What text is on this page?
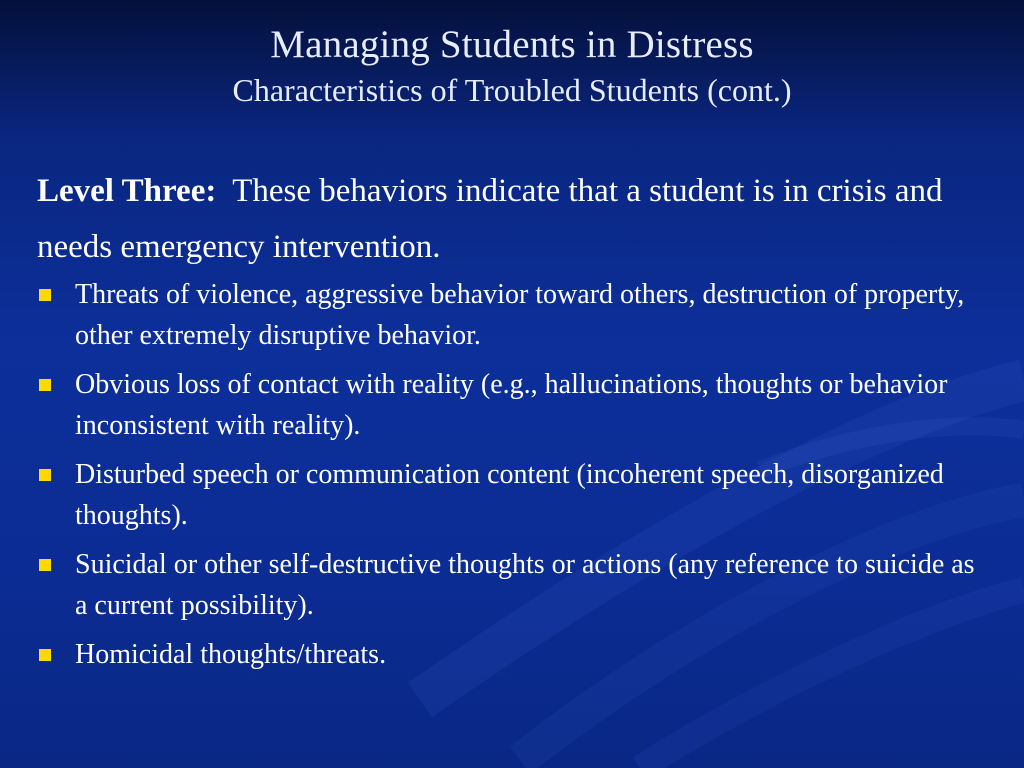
Managing Students in Distress
Characteristics of Troubled Students (cont.)
Level Three: These behaviors indicate that a student is in crisis and needs emergency intervention.
Threats of violence, aggressive behavior toward others, destruction of property, other extremely disruptive behavior.
Obvious loss of contact with reality (e.g., hallucinations, thoughts or behavior inconsistent with reality).
Disturbed speech or communication content (incoherent speech, disorganized thoughts).
Suicidal or other self-destructive thoughts or actions (any reference to suicide as a current possibility).
Homicidal thoughts/threats.
